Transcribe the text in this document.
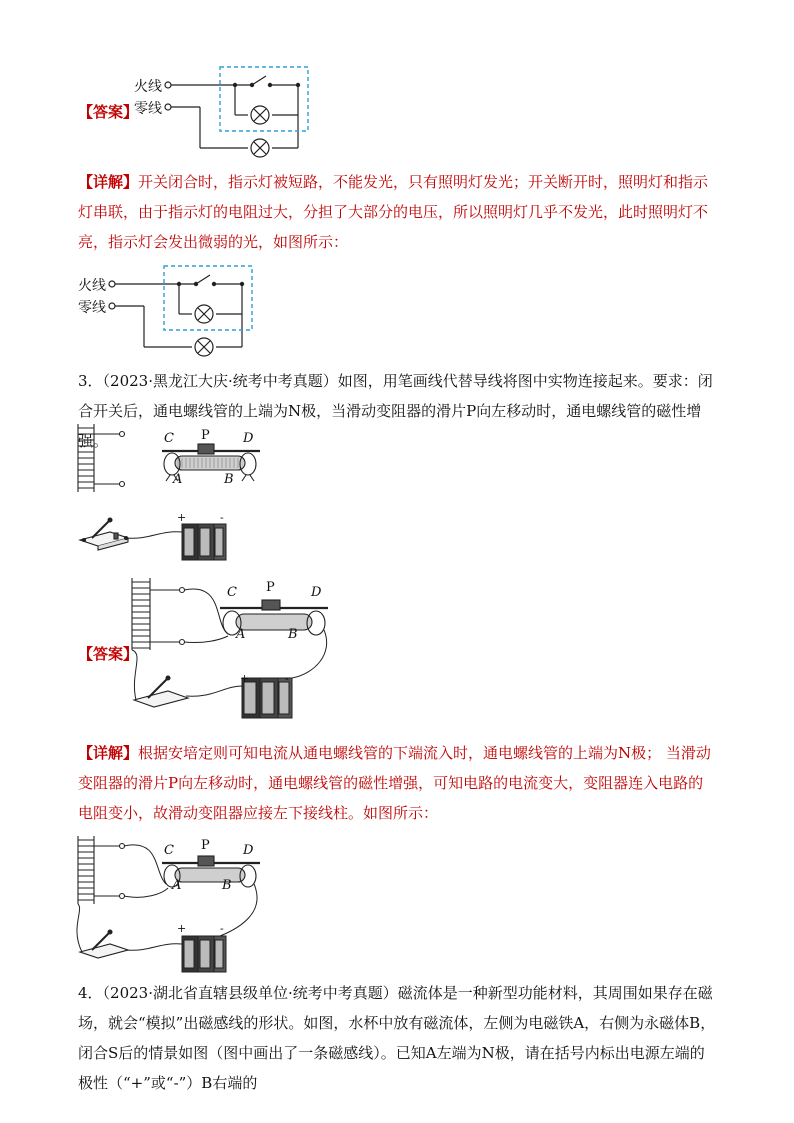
火线
零线
【答案】
【详解】开关闭合时，指示灯被短路，不能发光，只有照明灯发光；开关断开时，照明灯和指示灯串联，由于指示灯的电阻过大，分担了大部分的电压，所以照明灯几乎不发光，此时照明灯不亮，指示灯会发出微弱的光，如图所示：
火线
零线
3．（2023·黑龙江大庆·统考中考真题）如图，用笔画线代替导线将图中实物连接起来。要求：闭合开关后，通电螺线管的上端为N极，当滑动变阻器的滑片P向左移动时，通电螺线管的磁性增强。	C P	D
A	B
+	-
【答案】
C P	D
A	B
+	-
【详解】根据安培定则可知电流从通电螺线管的下端流入时，通电螺线管的上端为N极； 当滑动变阻器的滑片P向左移动时，通电螺线管的磁性增强，可知电路的电流变大，变阻器连入电路的电阻变小，故滑动变阻器应接左下接线柱。如图所示：
C P	D
A	B
+	-
4．（2023·湖北省直辖县级单位·统考中考真题）磁流体是一种新型功能材料，其周围如果存在磁场，就会“模拟”出磁感线的形状。如图，水杯中放有磁流体，左侧为电磁铁A，右侧为永磁体B，闭合S后的情景如图（图中画出了一条磁感线）。已知A左端为N极，请在括号内标出电源左端的极性（“+”或“-”）B右端的
